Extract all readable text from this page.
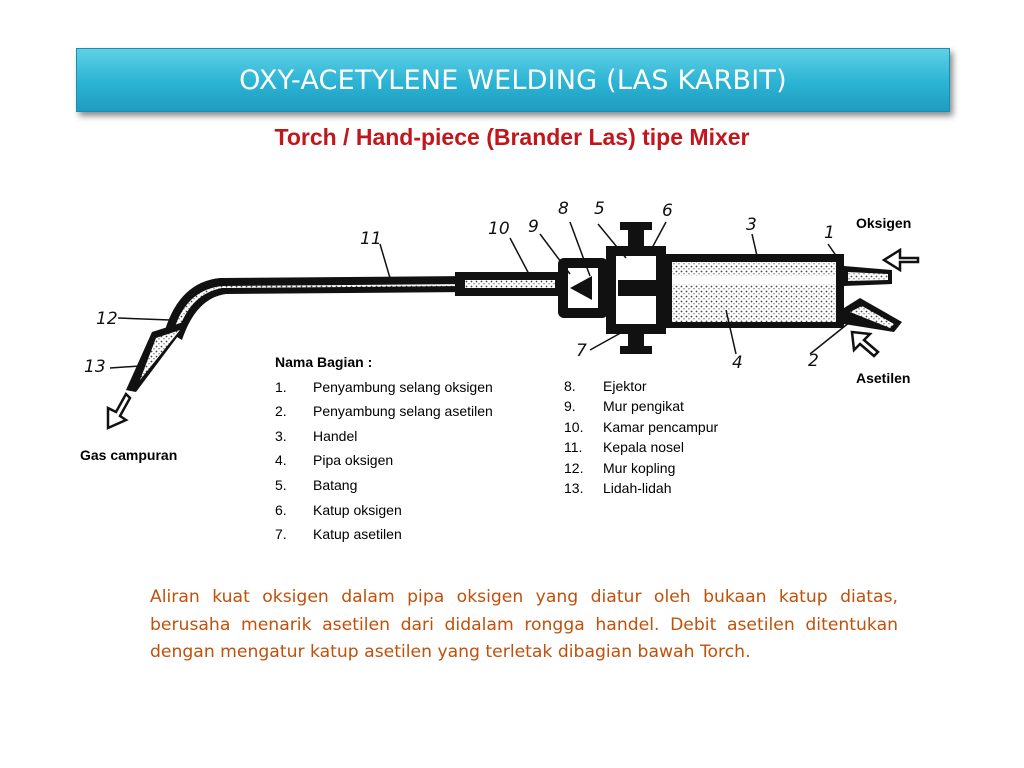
OXY-ACETYLENE WELDING (LAS KARBIT)
Torch / Hand-piece (Brander Las) tipe Mixer
11	10 9
8 5	6
3	1
2
4
7
12
13
Oksigen
Asetilen
Gas campuran
Nama Bagian :
1.	Penyambung selang oksigen
2.	Penyambung selang asetilen
3.	Handel
4.	Pipa oksigen
5.	Batang
6.	Katup oksigen
7.	Katup asetilen
8.	Ejektor
9.	Mur pengikat
10.	Kamar pencampur
11.	Kepala nosel
12.	Mur kopling
13.	Lidah-lidah
Aliran kuat oksigen dalam pipa oksigen yang diatur oleh bukaan katup diatas, berusaha menarik asetilen dari didalam rongga handel. Debit asetilen ditentukan dengan mengatur katup asetilen yang terletak dibagian bawah Torch.
